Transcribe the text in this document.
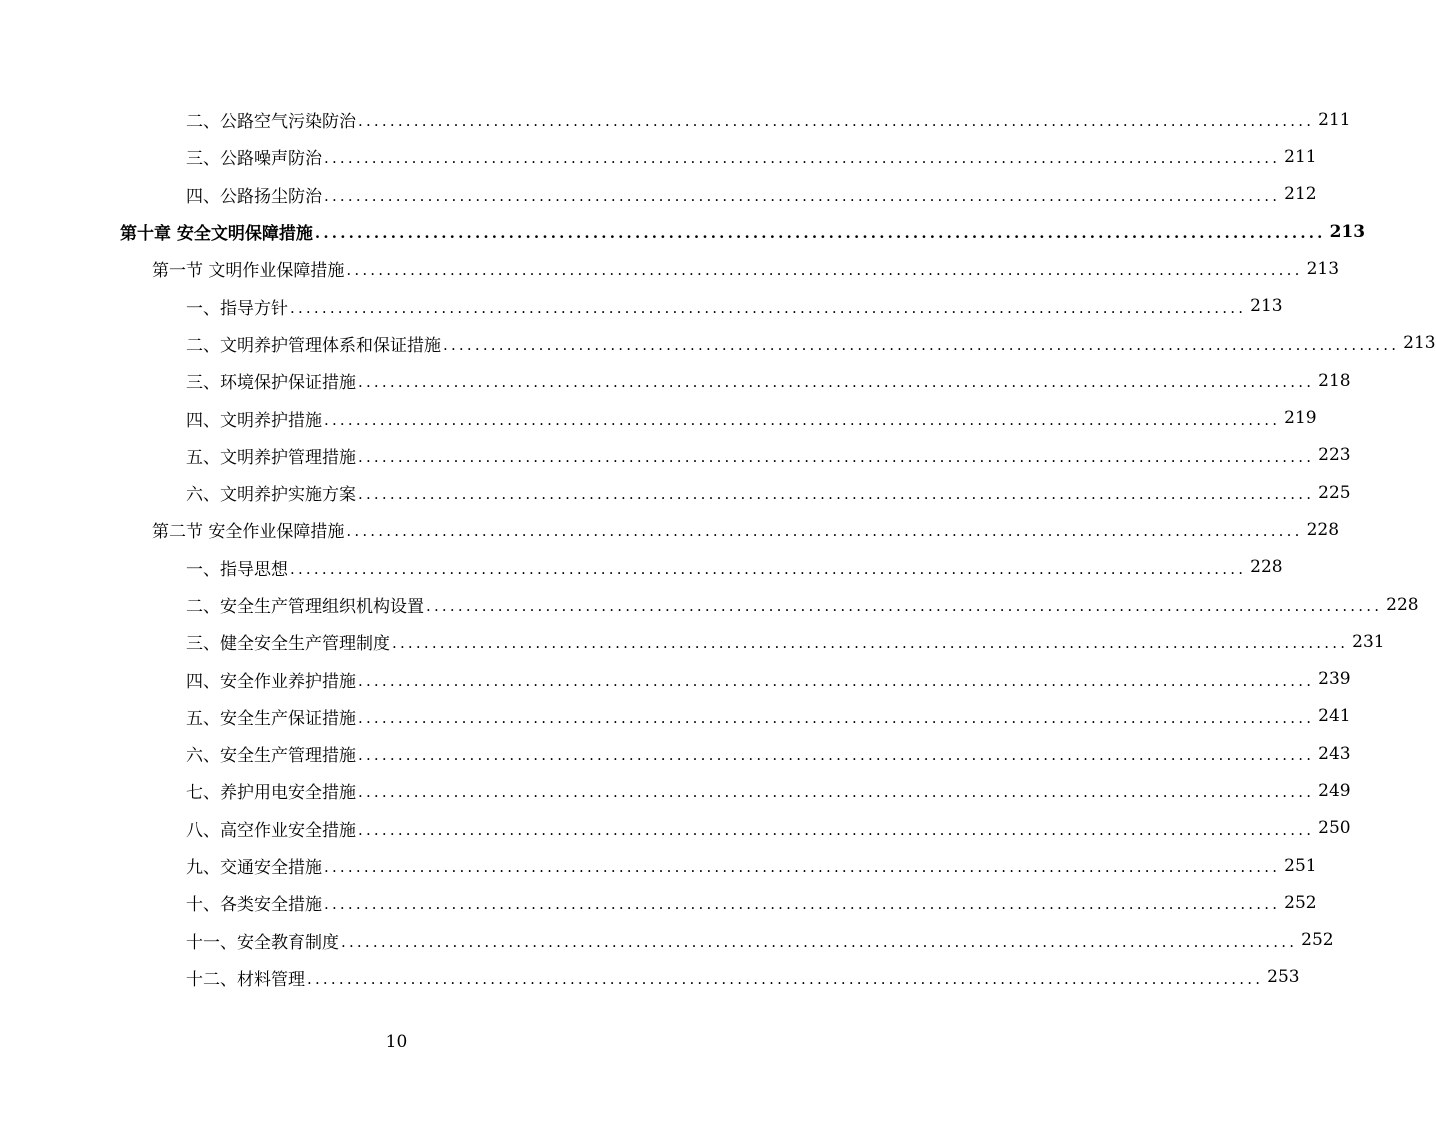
二、公路空气污染防治 ........................................................................................................................ 211
三、公路噪声防治 ........................................................................................................................ 211
四、公路扬尘防治 ........................................................................................................................ 212
第十章 安全文明保障措施 ........................................................................................................................ 213
第一节 文明作业保障措施 ........................................................................................................................ 213
一、指导方针 ........................................................................................................................ 213
二、文明养护管理体系和保证措施 ........................................................................................................................ 213
三、环境保护保证措施 ........................................................................................................................ 218
四、文明养护措施 ........................................................................................................................ 219
五、文明养护管理措施 ........................................................................................................................ 223
六、文明养护实施方案 ........................................................................................................................ 225
第二节 安全作业保障措施 ........................................................................................................................ 228
一、指导思想 ........................................................................................................................ 228
二、安全生产管理组织机构设置 ........................................................................................................................ 228
三、健全安全生产管理制度 ........................................................................................................................ 231
四、安全作业养护措施 ........................................................................................................................ 239
五、安全生产保证措施 ........................................................................................................................ 241
六、安全生产管理措施 ........................................................................................................................ 243
七、养护用电安全措施 ........................................................................................................................ 249
八、高空作业安全措施 ........................................................................................................................ 250
九、交通安全措施 ........................................................................................................................ 251
十、各类安全措施 ........................................................................................................................ 252
十一、安全教育制度 ........................................................................................................................ 252
十二、材料管理 ........................................................................................................................ 253
10
